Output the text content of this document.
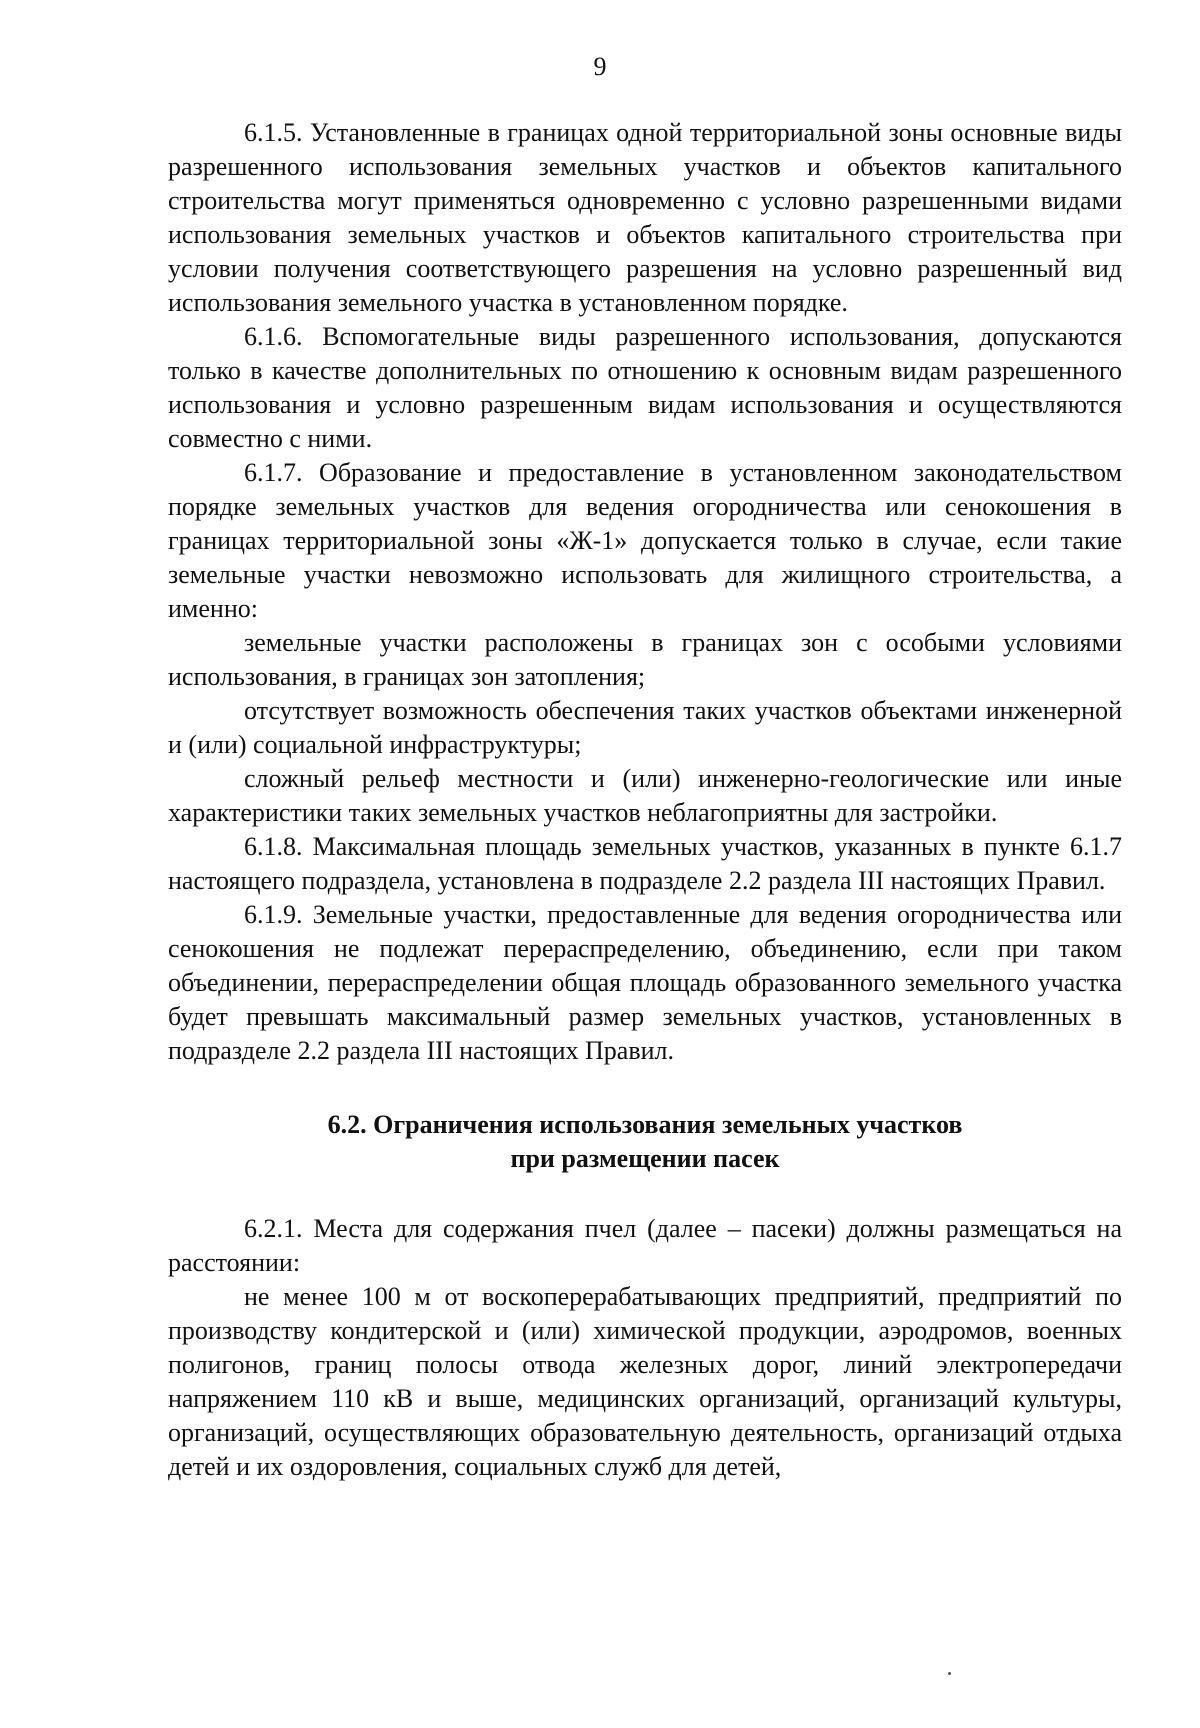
9

6.1.5. Установленные в границах одной территориальной зоны основные виды разрешенного использования земельных участков и объектов капитального строительства могут применяться одновременно с условно разрешенными видами использования земельных участков и объектов капитального строительства при условии получения соответствующего разрешения на условно разрешенный вид использования земельного участка в установленном порядке.

6.1.6. Вспомогательные виды разрешенного использования, допускаются только в качестве дополнительных по отношению к основным видам разрешенного использования и условно разрешенным видам использования и осуществляются совместно с ними.

6.1.7. Образование и предоставление в установленном законодательством порядке земельных участков для ведения огородничества или сенокошения в границах территориальной зоны «Ж-1» допускается только в случае, если такие земельные участки невозможно использовать для жилищного строительства, а именно:

земельные участки расположены в границах зон с особыми условиями использования, в границах зон затопления;

отсутствует возможность обеспечения таких участков объектами инженерной и (или) социальной инфраструктуры;

сложный рельеф местности и (или) инженерно-геологические или иные характеристики таких земельных участков неблагоприятны для застройки.

6.1.8. Максимальная площадь земельных участков, указанных в пункте 6.1.7 настоящего подраздела, установлена в подразделе 2.2 раздела III настоящих Правил.

6.1.9. Земельные участки, предоставленные для ведения огородничества или сенокошения не подлежат перераспределению, объединению, если при таком объединении, перераспределении общая площадь образованного земельного участка будет превышать максимальный размер земельных участков, установленных в подразделе 2.2 раздела III настоящих Правил.

6.2. Ограничения использования земельных участков
при размещении пасек

6.2.1. Места для содержания пчел (далее – пасеки) должны размещаться на расстоянии:

не менее 100 м от воскоперерабатывающих предприятий, предприятий по производству кондитерской и (или) химической продукции, аэродромов, военных полигонов, границ полосы отвода железных дорог, линий электропередачи напряжением 110 кВ и выше, медицинских организаций, организаций культуры, организаций, осуществляющих образовательную деятельность, организаций отдыха детей и их оздоровления, социальных служб для детей,
